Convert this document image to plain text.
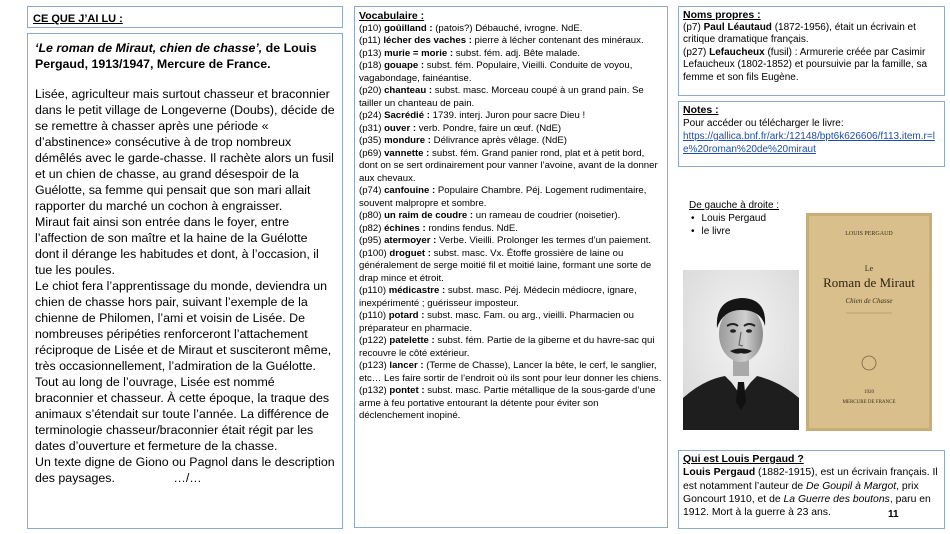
CE QUE J’AI LU :
‘Le roman de Miraut, chien de chasse’, de Louis Pergaud, 1913/1947, Mercure de France.

Lisée, agriculteur mais surtout chasseur et braconnier dans le petit village de Longeverne (Doubs), décide de se remettre à chasser après une période « d’abstinence» consécutive à de trop nombreux démêlés avec le garde-chasse. Il rachète alors un fusil et un chien de chasse, au grand désespoir de la Guélotte, sa femme qui pensait que son mari allait rapporter du marché un cochon à engraisser.

Miraut fait ainsi son entrée dans le foyer, entre l’affection de son maître et la haine de la Guélotte dont il dérange les habitudes et dont, à l’occasion, il tue les poules.

Le chiot fera l’apprentissage du monde, deviendra un chien de chasse hors pair, suivant l’exemple de la chienne de Philomen, l’ami et voisin de Lisée. De nombreuses péripéties renforceront l’attachement réciproque de Lisée et de Miraut et susciteront même, très occasionnellement, l’admiration de la Guélotte.

Tout au long de l’ouvrage, Lisée est nommé braconnier et chasseur. À cette époque, la traque des animaux s’étendait sur toute l’année. La différence de terminologie chasseur/braconnier était régit par les dates d’ouverture et fermeture de la chasse.

Un texte digne de Giono ou Pagnol dans le description des paysages.                 …/…

Vocabulaire :
(p10) goûilland : (patois?) Débauché, ivrogne. NdE.
(p11) lécher des vaches : pierre à lécher contenant des minéraux.
(p13) murie = morie : subst. fém. adj. Bête malade.
(p18) gouape : subst. fém. Populaire, Vieilli. Conduite de voyou, vagabondage, fainéantise.
(p20) chanteau : subst. masc. Morceau coupé à un grand pain. Se tailler un chanteau de pain.
(p24) Sacrédié : 1739. interj. Juron pour sacre Dieu !
(p31) ouver : verb. Pondre, faire un œuf. (NdE)
(p35) mondure : Délivrance après vêlage. (NdE)
(p69) vannette : subst. fém. Grand panier rond, plat et à petit bord, dont on se sert ordinairement pour vanner l’avoine, avant de la donner aux chevaux.
(p74) canfouine : Populaire Chambre. Péj. Logement rudimentaire, souvent malpropre et sombre.
(p80) un raim de coudre : un rameau de coudrier (noisetier).
(p82) échines : rondins fendus. NdE.
(p95) atermoyer : Verbe. Vieilli. Prolonger les termes d’un paiement.
(p100) droguet : subst. masc. Vx. Étoffe grossière de laine ou généralement de serge moitié fil et moitié laine, formant une sorte de drap mince et étroit.
(p110) médicastre : subst. masc. Péj. Médecin médiocre, ignare, inexpérimenté ; guérisseur imposteur.
(p110) potard : subst. masc. Fam. ou arg., vieilli. Pharmacien ou préparateur en pharmacie.
(p122) patelette : subst. fém. Partie de la giberne et du havre-sac qui recouvre le côté extérieur.
(p123) lancer : (Terme de Chasse), Lancer la bête, le cerf, le sanglier, etc… Les faire sortir de l’endroit où ils sont pour leur donner les chiens.
(p132) pontet : subst. masc. Partie métallique de la sous-garde d’une arme à feu portative entourant la détente pour éviter son déclenchement inopiné.
Noms propres :
(p7) Paul Léautaud (1872-1956), était un écrivain et critique dramatique français.
(p27) Lefaucheux (fusil) : Armurerie créée par Casimir Lefaucheux (1802-1852) et poursuivie par la famille, sa femme et son fils Eugène.
Notes :
Pour accéder ou télécharger le livre:
https://gallica.bnf.fr/ark:/12148/bpt6k626606/f113.item.r=le%20roman%20de%20miraut
De gauche à droite :
• Louis Pergaud
• le livre	LOUIS PERGAUD
Le
Roman de Miraut
Chien de Chasse
1920
MERCURE DE FRANCE
Qui est Louis Pergaud ?
Louis Pergaud (1882-1915), est un écrivain français. Il est notamment l’auteur de De Goupil à Margot, prix Goncourt 1910, et de La Guerre des boutons, paru en 1912. Mort à la guerre à 23 ans.	11
